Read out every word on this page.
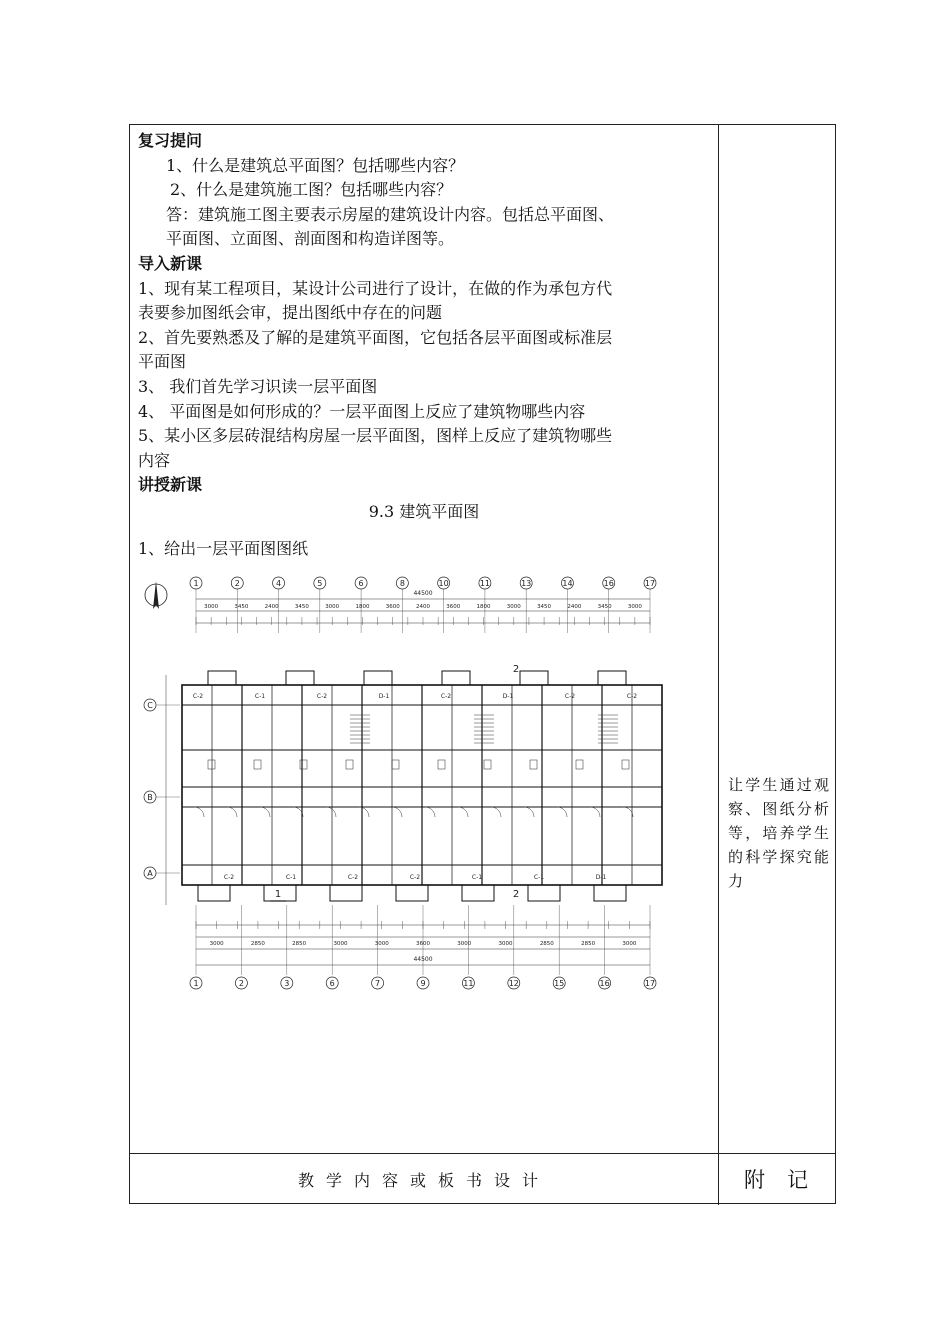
复习提问

1、什么是建筑总平面图？包括哪些内容？

2、什么是建筑施工图？包括哪些内容？

答：建筑施工图主要表示房屋的建筑设计内容。包括总平面图、

平面图、立面图、剖面图和构造详图等。

导入新课

1、现有某工程项目，某设计公司进行了设计，在做的作为承包方代

表要参加图纸会审，提出图纸中存在的问题

2、首先要熟悉及了解的是建筑平面图，它包括各层平面图或标准层

平面图

3、 我们首先学习识读一层平面图

4、 平面图是如何形成的？一层平面图上反应了建筑物哪些内容

5、某小区多层砖混结构房屋一层平面图，图样上反应了建筑物哪些

内容

讲授新课

9.3 建筑平面图

1、给出一层平面图图纸

1	2	4	5	6	8	10	11	13	14	16	17
44500
3000	3450	2400	3450	3000	1800	3600	2400	3600	1800	3000	3450	2400	3450	3000
C
B
A
C-2
C-2
C-1
C-1
C-2
C-2
D-1
C-2
C-2
C-1
D-1
C-1
C-2
D-1
C-2
1
2
2
3000	2850	2850	3000	3000	3600	3000	3000	2850	2850	3000
44500
1	2	3	6	7	9	11	12	15	16	17
让学生通过观察、图纸分析等，培养学生的科学探究能力
教学内容或板书设计	附记
